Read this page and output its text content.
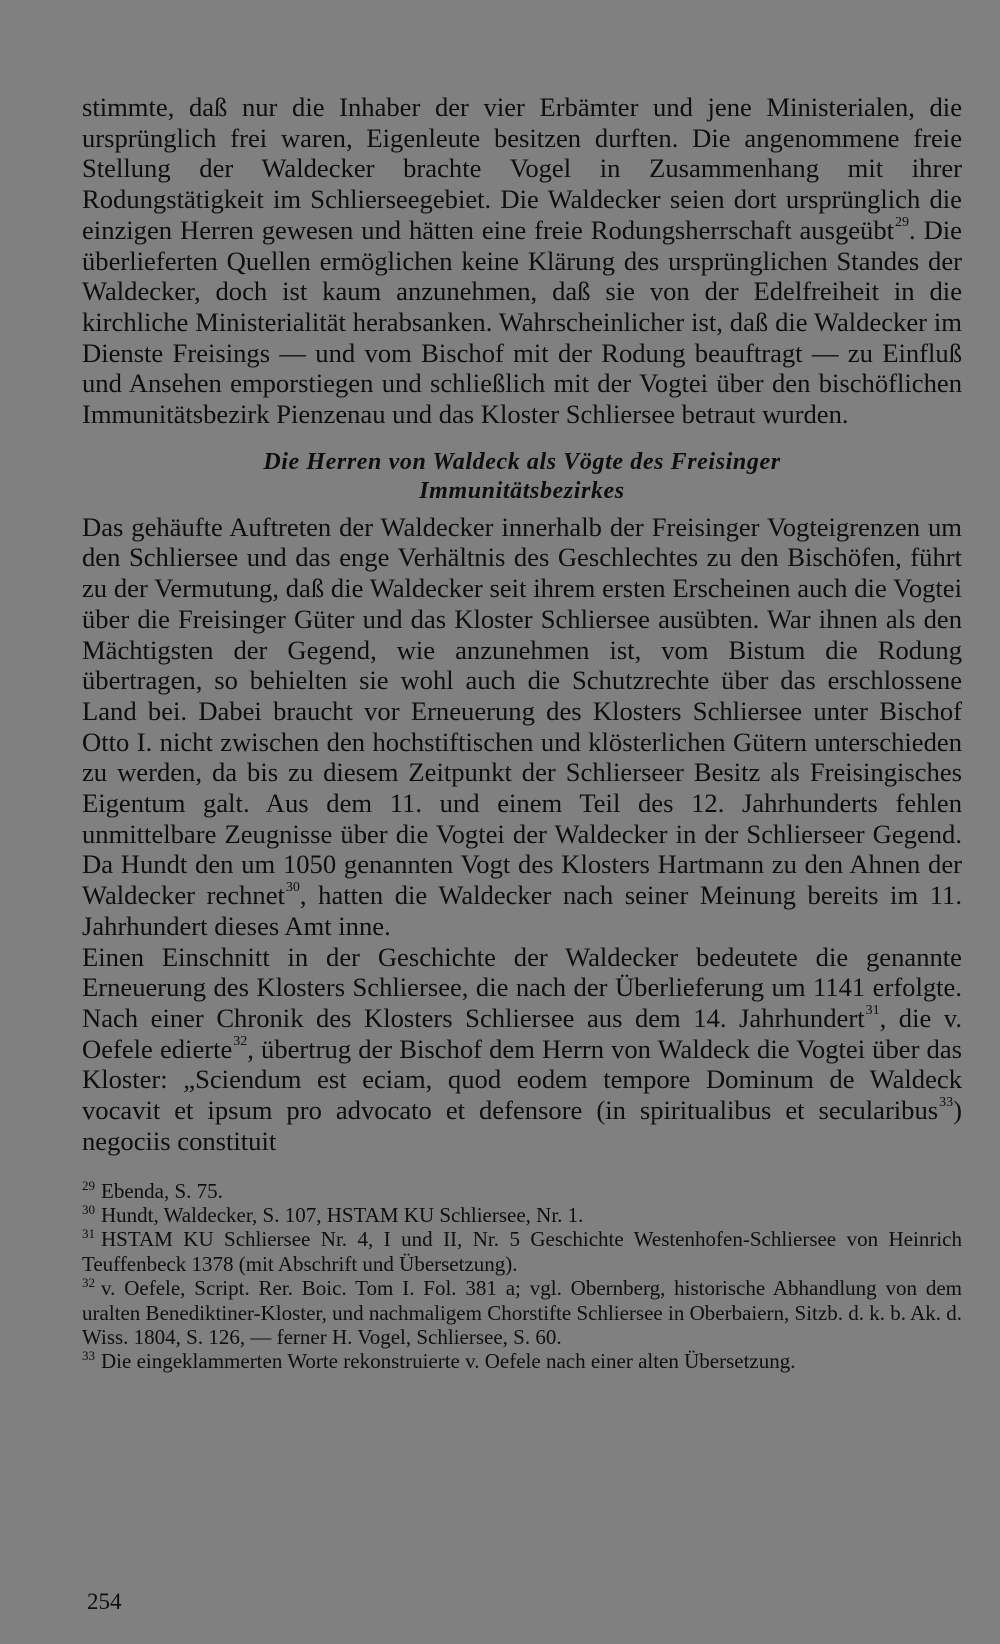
stimmte, daß nur die Inhaber der vier Erbämter und jene Ministerialen, die ursprünglich frei waren, Eigenleute besitzen durften. Die angenommene freie Stellung der Waldecker brachte Vogel in Zusammenhang mit ihrer Rodungstätigkeit im Schlierseegebiet. Die Waldecker seien dort ursprünglich die einzigen Herren gewesen und hätten eine freie Rodungsherrschaft ausgeübt$^{29}$. Die überlieferten Quellen ermöglichen keine Klärung des ursprünglichen Standes der Waldecker, doch ist kaum anzunehmen, daß sie von der Edelfreiheit in die kirchliche Ministerialität herabsanken. Wahrscheinlicher ist, daß die Waldecker im Dienste Freisings — und vom Bischof mit der Rodung beauftragt — zu Einfluß und Ansehen emporstiegen und schließlich mit der Vogtei über den bischöflichen Immunitätsbezirk Pienzenau und das Kloster Schliersee betraut wurden.

Die Herren von Waldeck als Vögte des Freisinger
Immunitätsbezirkes

Das gehäufte Auftreten der Waldecker innerhalb der Freisinger Vogteigrenzen um den Schliersee und das enge Verhältnis des Geschlechtes zu den Bischöfen, führt zu der Vermutung, daß die Waldecker seit ihrem ersten Erscheinen auch die Vogtei über die Freisinger Güter und das Kloster Schliersee ausübten. War ihnen als den Mächtigsten der Gegend, wie anzunehmen ist, vom Bistum die Rodung übertragen, so behielten sie wohl auch die Schutzrechte über das erschlossene Land bei. Dabei braucht vor Erneuerung des Klosters Schliersee unter Bischof Otto I. nicht zwischen den hochstiftischen und klösterlichen Gütern unterschieden zu werden, da bis zu diesem Zeitpunkt der Schlierseer Besitz als Freisingisches Eigentum galt. Aus dem 11. und einem Teil des 12. Jahrhunderts fehlen unmittelbare Zeugnisse über die Vogtei der Waldecker in der Schlierseer Gegend. Da Hundt den um 1050 genannten Vogt des Klosters Hartmann zu den Ahnen der Waldecker rechnet$^{30}$, hatten die Waldecker nach seiner Meinung bereits im 11. Jahrhundert dieses Amt inne.

Einen Einschnitt in der Geschichte der Waldecker bedeutete die genannte Erneuerung des Klosters Schliersee, die nach der Überlieferung um 1141 erfolgte. Nach einer Chronik des Klosters Schliersee aus dem 14. Jahrhundert$^{31}$, die v. Oefele edierte$^{32}$, übertrug der Bischof dem Herrn von Waldeck die Vogtei über das Kloster: „Sciendum est eciam, quod eodem tempore Dominum de Waldeck vocavit et ipsum pro advocato et defensore (in spiritualibus et secularibus$^{33}$) negociis constituit

$^{29}$ Ebenda, S. 75.

$^{30}$ Hundt, Waldecker, S. 107, HSTAM KU Schliersee, Nr. 1.

$^{31}$ HSTAM KU Schliersee Nr. 4, I und II, Nr. 5 Geschichte Westenhofen-Schliersee von Heinrich Teuffenbeck 1378 (mit Abschrift und Übersetzung).

$^{32}$ v. Oefele, Script. Rer. Boic. Tom I. Fol. 381 a; vgl. Obernberg, historische Abhandlung von dem uralten Benediktiner-Kloster, und nachmaligem Chorstifte Schliersee in Oberbaiern, Sitzb. d. k. b. Ak. d. Wiss. 1804, S. 126, — ferner H. Vogel, Schliersee, S. 60.

$^{33}$ Die eingeklammerten Worte rekonstruierte v. Oefele nach einer alten Übersetzung.

254
